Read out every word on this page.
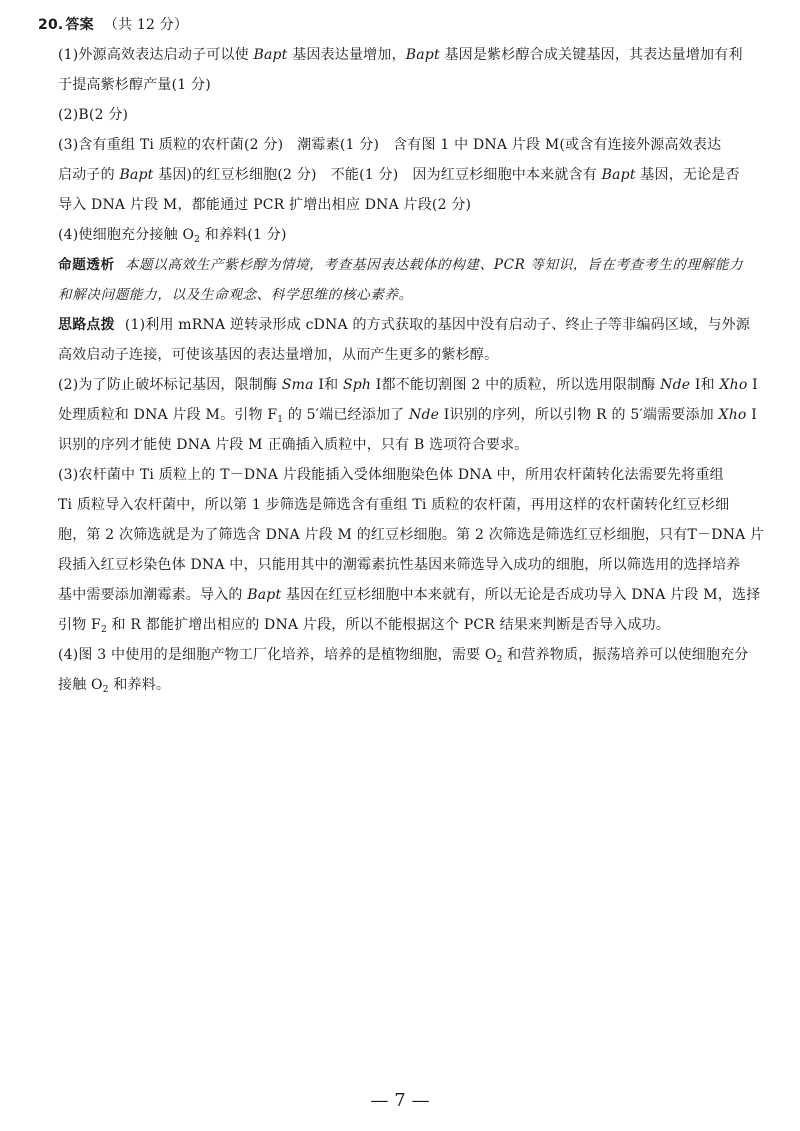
20. 答案 （共 12 分）
(1)外源高效表达启动子可以使 Bapt 基因表达量增加，Bapt 基因是紫杉醇合成关键基因，其表达量增加有利
于提高紫杉醇产量(1 分)
(2)B(2 分)
(3)含有重组 Ti 质粒的农杆菌(2 分) 潮霉素(1 分) 含有图 1 中 DNA 片段 M(或含有连接外源高效表达
启动子的 Bapt 基因)的红豆杉细胞(2 分) 不能(1 分) 因为红豆杉细胞中本来就含有 Bapt 基因，无论是否
导入 DNA 片段 M，都能通过 PCR 扩增出相应 DNA 片段(2 分)
(4)使细胞充分接触 $O_2$ 和养料(1 分)
命题透析 本题以高效生产紫杉醇为情境，考查基因表达载体的构建、PCR 等知识，旨在考查考生的理解能力
和解决问题能力，以及生命观念、科学思维的核心素养。
思路点拨 (1)利用 mRNA 逆转录形成 cDNA 的方式获取的基因中没有启动子、终止子等非编码区域，与外源
高效启动子连接，可使该基因的表达量增加，从而产生更多的紫杉醇。
(2)为了防止破坏标记基因，限制酶 Sma Ⅰ和 Sph Ⅰ都不能切割图 2 中的质粒，所以选用限制酶 Nde Ⅰ和 Xho Ⅰ
处理质粒和 DNA 片段 M。引物 $F_1$ 的 5′端已经添加了 Nde Ⅰ识别的序列，所以引物 R 的 5′端需要添加 Xho Ⅰ
识别的序列才能使 DNA 片段 M 正确插入质粒中，只有 B 选项符合要求。
(3)农杆菌中 Ti 质粒上的 T－DNA 片段能插入受体细胞染色体 DNA 中，所用农杆菌转化法需要先将重组
Ti 质粒导入农杆菌中，所以第 1 步筛选是筛选含有重组 Ti 质粒的农杆菌，再用这样的农杆菌转化红豆杉细
胞，第 2 次筛选就是为了筛选含 DNA 片段 M 的红豆杉细胞。第 2 次筛选是筛选红豆杉细胞，只有T－DNA 片
段插入红豆杉染色体 DNA 中，只能用其中的潮霉素抗性基因来筛选导入成功的细胞，所以筛选用的选择培养
基中需要添加潮霉素。导入的 Bapt 基因在红豆杉细胞中本来就有，所以无论是否成功导入 DNA 片段 M，选择
引物 $F_2$ 和 R 都能扩增出相应的 DNA 片段，所以不能根据这个 PCR 结果来判断是否导入成功。
(4)图 3 中使用的是细胞产物工厂化培养，培养的是植物细胞，需要 $O_2$ 和营养物质，振荡培养可以使细胞充分
接触 $O_2$ 和养料。
— 7 —
